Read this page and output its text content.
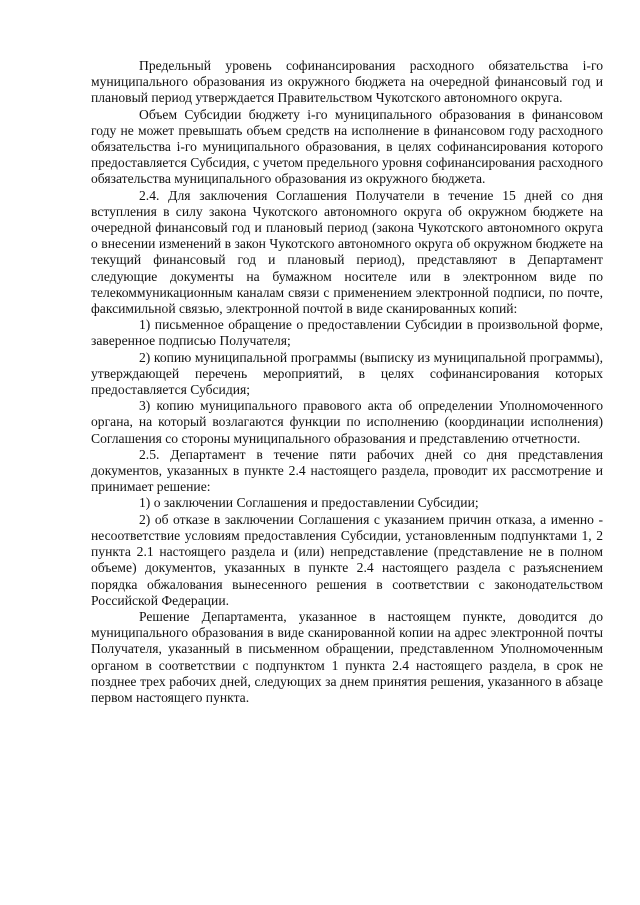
Предельный уровень софинансирования расходного обязательства i-го муниципального образования из окружного бюджета на очередной финансовый год и плановый период утверждается Правительством Чукотского автономного округа.

Объем Субсидии бюджету i-го муниципального образования в финансовом году не может превышать объем средств на исполнение в финансовом году расходного обязательства i-го муниципального образования, в целях софинансирования которого предоставляется Субсидия, с учетом предельного уровня софинансирования расходного обязательства муниципального образования из окружного бюджета.

2.4. Для заключения Соглашения Получатели в течение 15 дней со дня вступления в силу закона Чукотского автономного округа об окружном бюджете на очередной финансовый год и плановый период (закона Чукотского автономного округа о внесении изменений в закон Чукотского автономного округа об окружном бюджете на текущий финансовый год и плановый период), представляют в Департамент следующие документы на бумажном носителе или в электронном виде по телекоммуникационным каналам связи с применением электронной подписи, по почте, факсимильной связью, электронной почтой в виде сканированных копий:

1) письменное обращение о предоставлении Субсидии в произвольной форме, заверенное подписью Получателя;

2) копию муниципальной программы (выписку из муниципальной программы), утверждающей перечень мероприятий, в целях софинансирования которых предоставляется Субсидия;

3) копию муниципального правового акта об определении Уполномоченного органа, на который возлагаются функции по исполнению (координации исполнения) Соглашения со стороны муниципального образования и представлению отчетности.

2.5. Департамент в течение пяти рабочих дней со дня представления документов, указанных в пункте 2.4 настоящего раздела, проводит их рассмотрение и принимает решение:

1) о заключении Соглашения и предоставлении Субсидии;

2) об отказе в заключении Соглашения с указанием причин отказа, а именно - несоответствие условиям предоставления Субсидии, установленным подпунктами 1, 2 пункта 2.1 настоящего раздела и (или) непредставление (представление не в полном объеме) документов, указанных в пункте 2.4 настоящего раздела с разъяснением порядка обжалования вынесенного решения в соответствии с законодательством Российской Федерации.

Решение Департамента, указанное в настоящем пункте, доводится до муниципального образования в виде сканированной копии на адрес электронной почты Получателя, указанный в письменном обращении, представленном Уполномоченным органом в соответствии с подпунктом 1 пункта 2.4 настоящего раздела, в срок не позднее трех рабочих дней, следующих за днем принятия решения, указанного в абзаце первом настоящего пункта.
